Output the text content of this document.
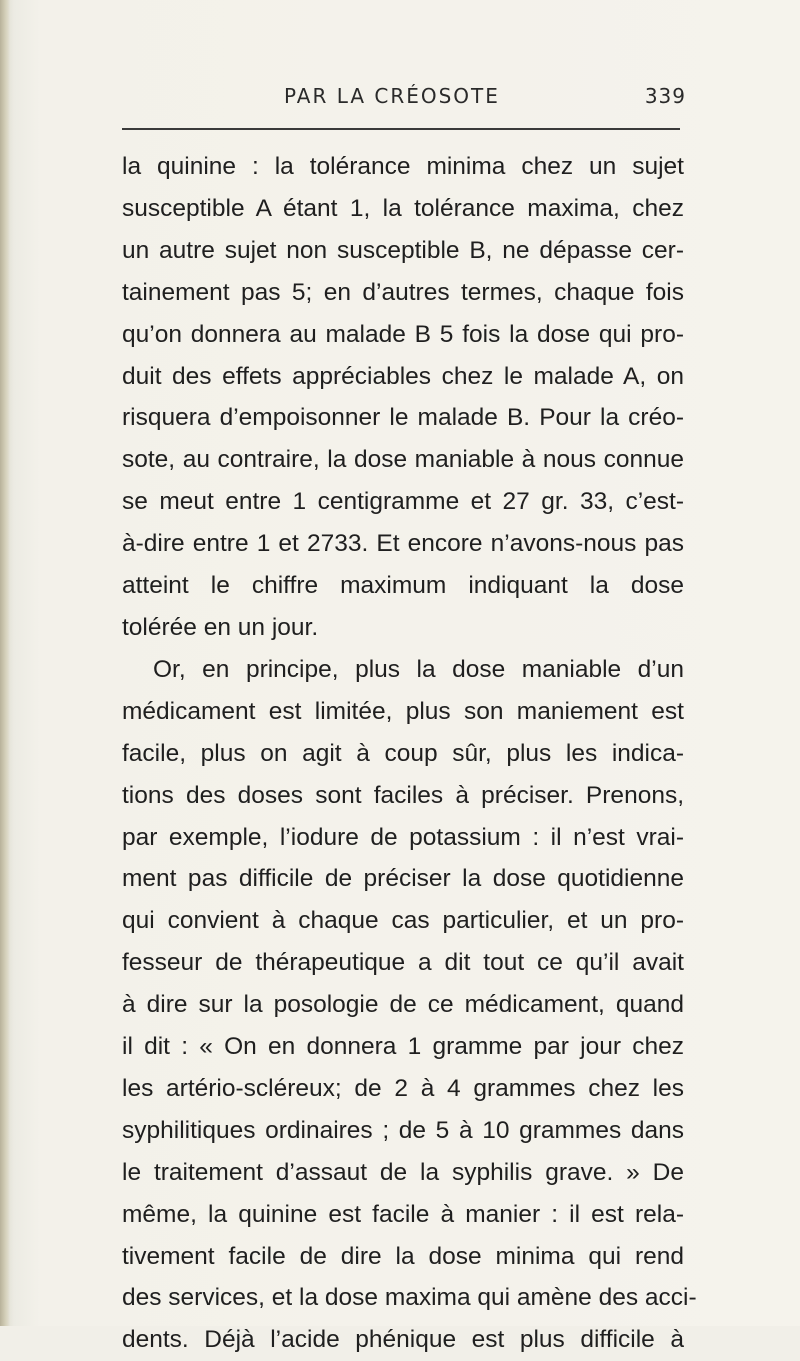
PAR LA CRÉOSOTE	339
la quinine : la tolérance minima chez un sujet
susceptible A étant 1, la tolérance maxima, chez
un autre sujet non susceptible B, ne dépasse cer-
tainement pas 5; en d’autres termes, chaque fois
qu’on donnera au malade B 5 fois la dose qui pro-
duit des effets appréciables chez le malade A, on
risquera d’empoisonner le malade B. Pour la créo-
sote, au contraire, la dose maniable à nous connue
se meut entre 1 centigramme et 27 gr. 33, c’est-
à-dire entre 1 et 2733. Et encore n’avons-nous pas
atteint le chiffre maximum indiquant la dose
tolérée en un jour.
Or, en principe, plus la dose maniable d’un
médicament est limitée, plus son maniement est
facile, plus on agit à coup sûr, plus les indica-
tions des doses sont faciles à préciser. Prenons,
par exemple, l’iodure de potassium : il n’est vrai-
ment pas difficile de préciser la dose quotidienne
qui convient à chaque cas particulier, et un pro-
fesseur de thérapeutique a dit tout ce qu’il avait
à dire sur la posologie de ce médicament, quand
il dit : « On en donnera 1 gramme par jour chez
les artério-scléreux; de 2 à 4 grammes chez les
syphilitiques ordinaires ; de 5 à 10 grammes dans
le traitement d’assaut de la syphilis grave. » De
même, la quinine est facile à manier : il est rela-
tivement facile de dire la dose minima qui rend
des services, et la dose maxima qui amène des acci-
dents. Déjà l’acide phénique est plus difficile à
